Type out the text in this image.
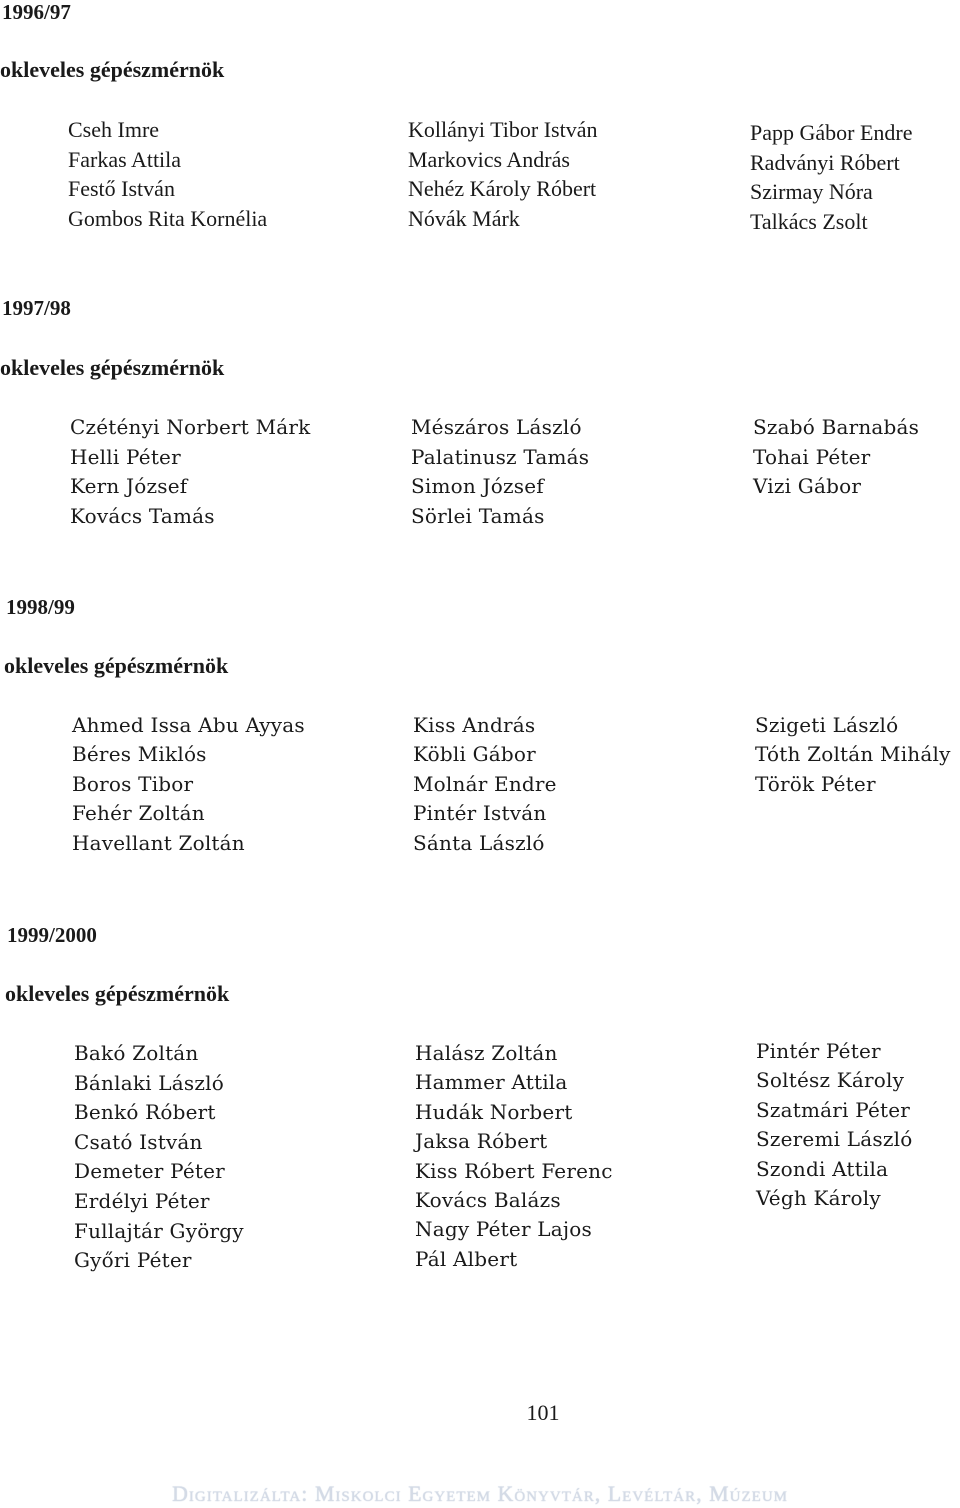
1996/97
okleveles gépészmérnök
Cseh Imre
Farkas Attila
Festő István
Gombos Rita Kornélia
Kollányi Tibor István
Markovics András
Nehéz Károly Róbert
Nóvák Márk
Papp Gábor Endre
Radványi Róbert
Szirmay Nóra
Talkács Zsolt
1997/98
okleveles gépészmérnök
Czétényi Norbert Márk
Helli Péter
Kern József
Kovács Tamás
Mészáros László
Palatinusz Tamás
Simon József
Sörlei Tamás
Szabó Barnabás
Tohai Péter
Vizi Gábor
1998/99
okleveles gépészmérnök
Ahmed Issa Abu Ayyas
Béres Miklós
Boros Tibor
Fehér Zoltán
Havellant Zoltán
Kiss András
Köbli Gábor
Molnár Endre
Pintér István
Sánta László
Szigeti László
Tóth Zoltán Mihály
Török Péter
1999/2000
okleveles gépészmérnök
Bakó Zoltán
Bánlaki László
Benkó Róbert
Csató István
Demeter Péter
Erdélyi Péter
Fullajtár György
Győri Péter
Halász Zoltán
Hammer Attila
Hudák Norbert
Jaksa Róbert
Kiss Róbert Ferenc
Kovács Balázs
Nagy Péter Lajos
Pál Albert
Pintér Péter
Soltész Károly
Szatmári Péter
Szeremi László
Szondi Attila
Végh Károly
101
Digitalizálta: Miskolci Egyetem Könyvtár, Levéltár, Múzeum
